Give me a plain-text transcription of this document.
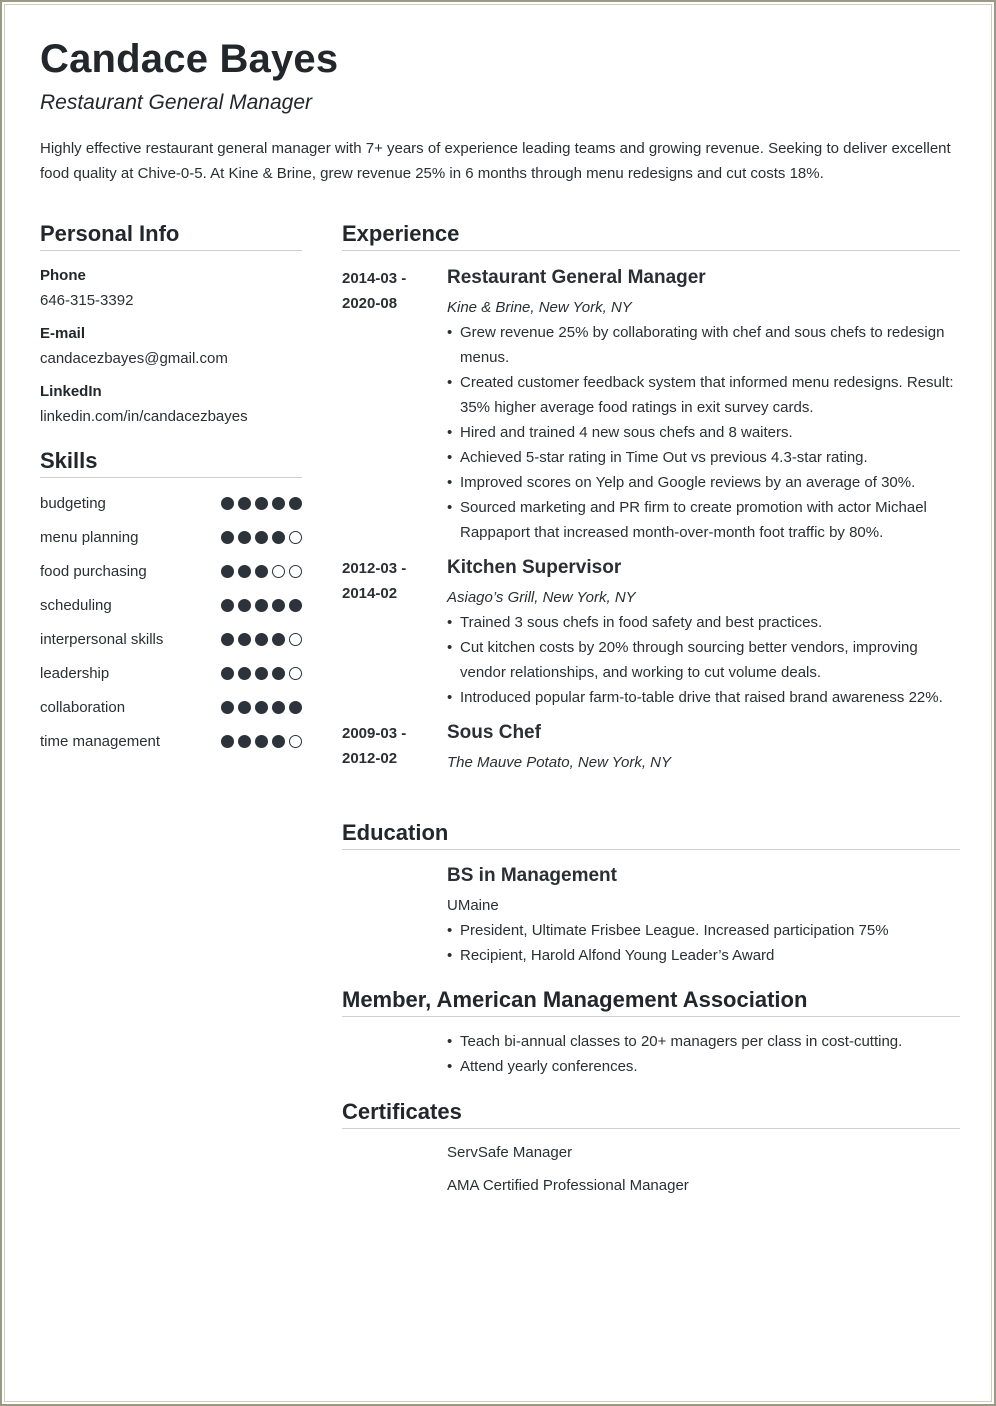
Candace Bayes
Restaurant General Manager
Highly effective restaurant general manager with 7+ years of experience leading teams and growing revenue. Seeking to deliver excellent food quality at Chive-0-5. At Kine & Brine, grew revenue 25% in 6 months through menu redesigns and cut costs 18%.
Personal Info
Phone
646-315-3392
E-mail
candacezbayes@gmail.com
LinkedIn
linkedin.com/in/candacezbayes
Skills
Experience
2014-03 -
2020-08
Restaurant General Manager
Kine & Brine, New York, NY
• Grew revenue 25% by collaborating with chef and sous chefs to redesign menus.
• Created customer feedback system that informed menu redesigns. Result: 35% higher average food ratings in exit survey cards.
• Hired and trained 4 new sous chefs and 8 waiters.
• Achieved 5-star rating in Time Out vs previous 4.3-star rating.
• Improved scores on Yelp and Google reviews by an average of 30%.
• Sourced marketing and PR firm to create promotion with actor Michael Rappaport that increased month-over-month foot traffic by 80%.
2012-03 -
2014-02
Kitchen Supervisor
Asiago’s Grill, New York, NY
• Trained 3 sous chefs in food safety and best practices.
• Cut kitchen costs by 20% through sourcing better vendors, improving vendor relationships, and working to cut volume deals.
• Introduced popular farm-to-table drive that raised brand awareness 22%.
2009-03 -
2012-02
Sous Chef
The Mauve Potato, New York, NY
Education
BS in Management
UMaine
• President, Ultimate Frisbee League. Increased participation 75%
• Recipient, Harold Alfond Young Leader’s Award
Member, American Management Association
• Teach bi-annual classes to 20+ managers per class in cost-cutting.
• Attend yearly conferences.
Certificates
ServSafe Manager
AMA Certified Professional Manager
budgeting
menu planning
food purchasing
scheduling
interpersonal skills
leadership
collaboration
time management
